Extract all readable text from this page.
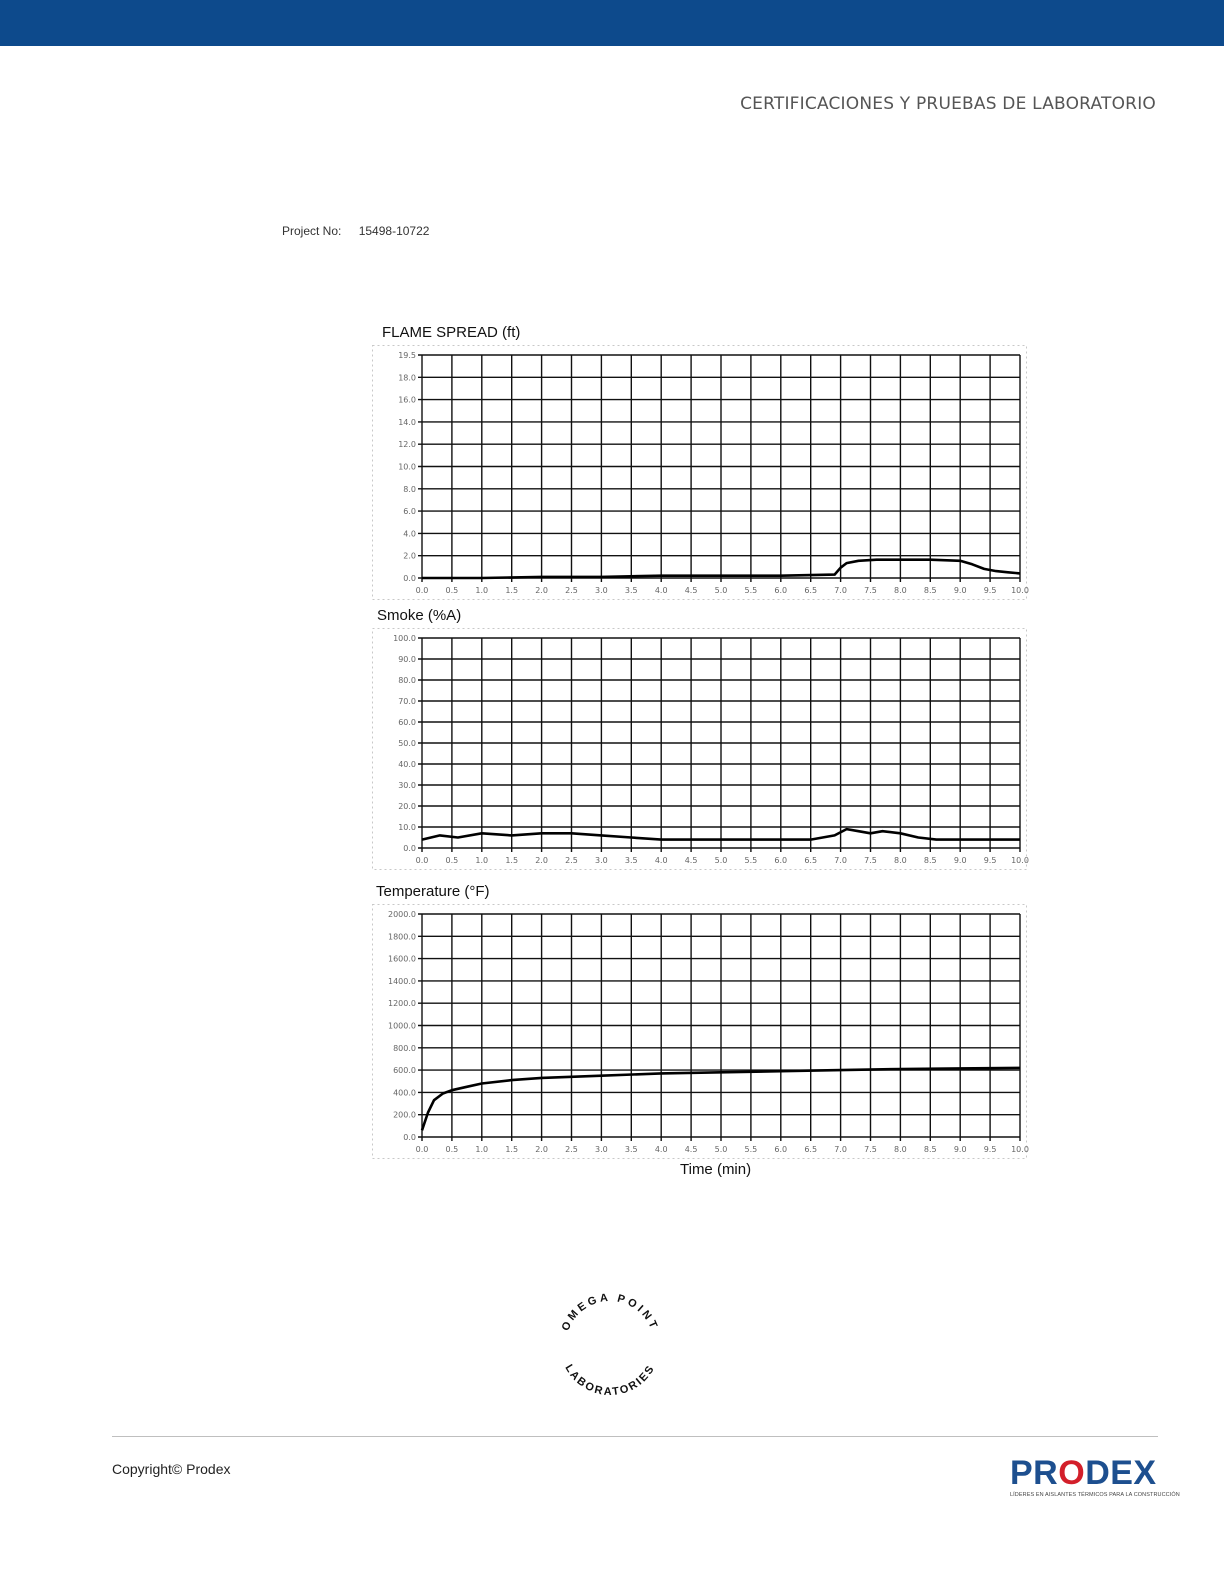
CERTIFICACIONES Y PRUEBAS DE LABORATORIO
Project No: 15498-10722
FLAME SPREAD (ft)
0.0 0.5 1.0 1.5 2.0 2.5 3.0 3.5 4.0 4.5 5.0 5.5 6.0 6.5 7.0 7.5 8.0 8.5 9.0 9.5 10.0
0.0
2.0
4.0
6.0
8.0
10.0
12.0
14.0
16.0
18.0
19.5
Smoke (%A)
0.0 0.5 1.0 1.5 2.0 2.5 3.0 3.5 4.0 4.5 5.0 5.5 6.0 6.5 7.0 7.5 8.0 8.5 9.0 9.5 10.0
0.0
10.0
20.0
30.0
40.0
50.0
60.0
70.0
80.0
90.0
100.0
Temperature (°F)
0.0 0.5 1.0 1.5 2.0 2.5 3.0 3.5 4.0 4.5 5.0 5.5 6.0 6.5 7.0 7.5 8.0 8.5 9.0 9.5 10.0
0.0
200.0
400.0
600.0
800.0
1000.0
1200.0
1400.0
1600.0
1800.0
2000.0
Time (min)
OMEGA POINT
LABORATORIES
Copyright© Prodex	PRODEX
LÍDERES EN AISLANTES TÉRMICOS PARA LA CONSTRUCCIÓN
